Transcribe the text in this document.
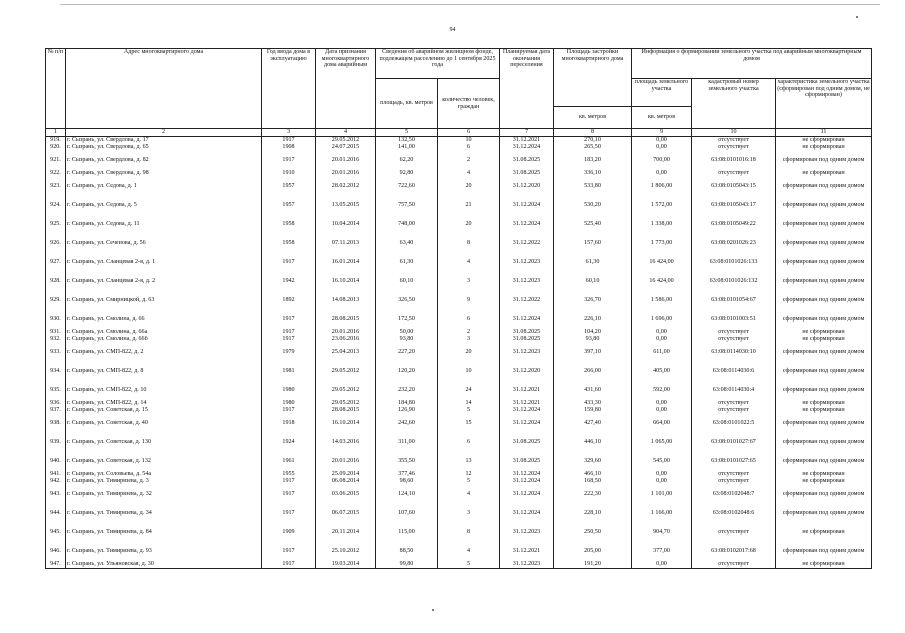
94
№ п/п	Адрес многоквартирного дома	Год ввода дома в эксплуатацию	Дата признания многоквартирного дома аварийным	Сведения об аварийном жилищном фонде, подлежащем расселению до 1 сентября 2025 года		Планируемая дата окончания переселения	Площадь застройки многоквартирного дома	Информация о формировании земельного участка под аварийным многоквартирным домом		
				площадь, кв. метров	количество человек, граждан			площадь земельного участка	кадастровый номер земельного участка	характеристика земельного участка (сформирован под одним домом, не сформирован)
							кв. метров	кв. метров		
1	2	3	4	5	6	7	8	9	10	11
919.	г. Сызрань, ул. Свердлова, д. 17	1917	29.05.2012	132,50	10	31.12.2021	270,10	0,00	отсутствует	не сформирован
920.	г. Сызрань, ул. Свердлова, д. 65	1908	24.07.2015	141,00	6	31.12.2024	265,50	0,00	отсутствует	не сформирован
921.	г. Сызрань, ул. Свердлова, д. 82	1917	20.01.2016	62,20	2	31.08.2025	183,20	700,00	63:08:0101016:18	сформирован под одним домом
922.	г. Сызрань, ул. Свердлова, д. 98	1910	20.01.2016	92,80	4	31.08.2025	336,10	0,00	отсутствует	не сформирован
923.	г. Сызрань, ул. Седова, д. 1	1957	28.02.2012	722,60	20	31.12.2020	533,80	1 806,00	63:08:0105043:15	сформирован под одним домом
924.	г. Сызрань, ул. Седова, д. 5	1957	13.05.2015	757,50	21	31.12.2024	530,20	1 572,00	63:08:0105043:17	сформирован под одним домом
925.	г. Сызрань, ул. Седова, д. 11	1958	10.04.2014	748,00	20	31.12.2024	525,40	1 338,00	63:08:0105049:22	сформирован под одним домом
926.	г. Сызрань, ул. Сеченова, д. 56	1958	07.11.2013	63,40	8	31.12.2022	157,60	1 773,00	63:08:0201026:23	сформирован под одним домом
927.	г. Сызрань, ул. Сланцевая 2-я, д. 1	1917	16.01.2014	61,30	4	31.12.2023	61,30	16 424,00	63:08:0101026:133	сформирован под одним домом
928.	г. Сызрань, ул. Сланцевая 2-я, д. 2	1942	16.10.2014	60,10	3	31.12.2023	60,10	16 424,00	63:08:0101026:132	сформирован под одним домом
929.	г. Сызрань, ул. Смирницкой, д. 63	1892	14.08.2013	326,50	9	31.12.2022	326,70	1 586,00	63:08:0101054:67	сформирован под одним домом
930.	г. Сызрань, ул. Смолина, д. 66	1917	28.08.2015	172,50	6	31.12.2024	226,10	1 696,00	63:08:0101003:51	сформирован под одним домом
931.	г. Сызрань, ул. Смолина, д. 66а	1917	20.01.2016	50,00	2	31.08.2025	104,20	0,00	отсутствует	не сформирован
932.	г. Сызрань, ул. Смолина, д. 66б	1917	23.06.2016	93,80	3	31.08.2025	93,80	0,00	отсутствует	не сформирован
933.	г. Сызрань, ул. СМП-822, д. 2	1979	25.04.2013	227,20	20	31.12.2023	397,10	611,00	63:08:0114030:10	сформирован под одним домом
934.	г. Сызрань, ул. СМП-822, д. 8	1981	29.05.2012	120,20	10	31.12.2020	266,00	405,00	63:08:0114030:6	сформирован под одним домом
935.	г. Сызрань, ул. СМП-822, д. 10	1980	29.05.2012	232,20	24	31.12.2021	431,60	592,00	63:08:0114030:4	сформирован под одним домом
936.	г. Сызрань, ул. СМП-822, д. 14	1980	29.05.2012	184,80	14	31.12.2021	433,30	0,00	отсутствует	не сформирован
937.	г. Сызрань, ул. Советская, д. 15	1917	28.08.2015	126,90	5	31.12.2024	159,80	0,00	отсутствует	не сформирован
938.	г. Сызрань, ул. Советская, д. 40	1918	16.10.2014	242,60	15	31.12.2024	427,40	664,00	63:08:0101022:5	сформирован под одним домом
939.	г. Сызрань, ул. Советская, д. 130	1924	14.03.2016	311,00	6	31.08.2025	446,10	1 065,00	63:08:0101027:67	сформирован под одним домом
940.	г. Сызрань, ул. Советская, д. 132	1961	20.01.2016	355,50	13	31.08.2025	329,60	545,00	63:08:0101027:65	сформирован под одним домом
941.	г. Сызрань, ул. Соловьева, д. 54а	1955	25.09.2014	377,46	12	31.12.2024	466,10	0,00	отсутствует	не сформирован
942.	г. Сызрань, ул. Тимирязева, д. 3	1917	06.08.2014	98,60	5	31.12.2024	168,50	0,00	отсутствует	не сформирован
943.	г. Сызрань, ул. Тимирязева, д. 32	1917	03.06.2015	124,10	4	31.12.2024	222,30	1 101,00	63:08:0102048:7	сформирован под одним домом
944.	г. Сызрань, ул. Тимирязева, д. 34	1917	06.07.2015	107,60	3	31.12.2024	228,10	1 166,00	63:08:0102048:6	сформирован под одним домом
945.	г. Сызрань, ул. Тимирязева, д. 84	1909	20.11.2014	115,00	8	31.12.2023	250,50	904,70	отсутствует	не сформирован
946.	г. Сызрань, ул. Тимирязева, д. 93	1917	25.10.2012	88,50	4	31.12.2021	205,00	377,00	63:08:0102017:68	сформирован под одним домом
947.	г. Сызрань, ул. Ульяновская, д. 30	1917	19.03.2014	99,80	5	31.12.2023	191,20	0,00	отсутствует	не сформирован
